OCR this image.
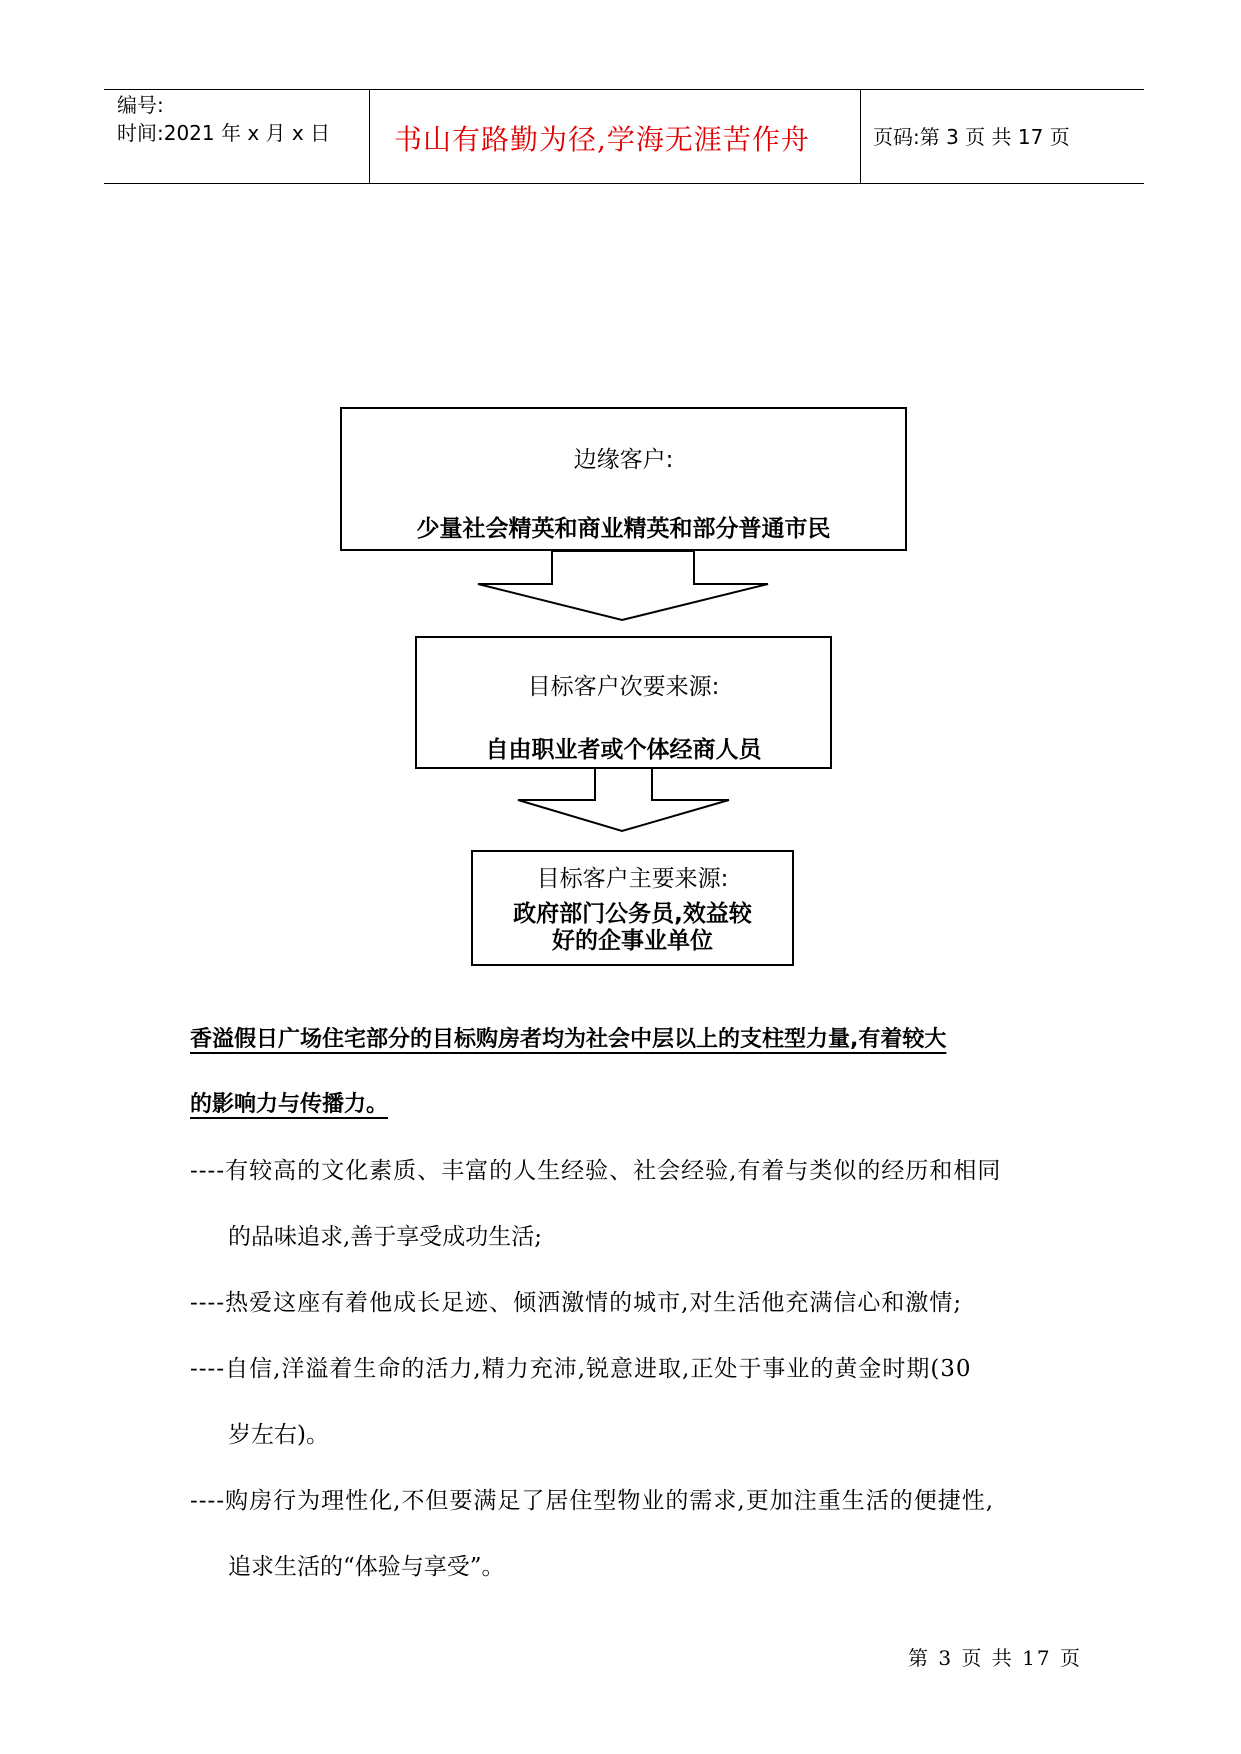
编号:
时间:2021 年 x 月 x 日 书山有路勤为径,学海无涯苦作舟	页码:第 3 页 共 17 页
边缘客户:
少量社会精英和商业精英和部分普通市民
目标客户次要来源:
自由职业者或个体经商人员
目标客户主要来源:
政府部门公务员,效益较
好的企事业单位
香溢假日广场住宅部分的目标购房者均为社会中层以上的支柱型力量,有着较大
的影响力与传播力。
----有较高的文化素质、丰富的人生经验、社会经验,有着与类似的经历和相同
的品味追求,善于享受成功生活;
----热爱这座有着他成长足迹、倾洒激情的城市,对生活他充满信心和激情;
----自信,洋溢着生命的活力,精力充沛,锐意进取,正处于事业的黄金时期(30
岁左右)。
----购房行为理性化,不但要满足了居住型物业的需求,更加注重生活的便捷性,
追求生活的“体验与享受”。
第 3 页 共 17 页
